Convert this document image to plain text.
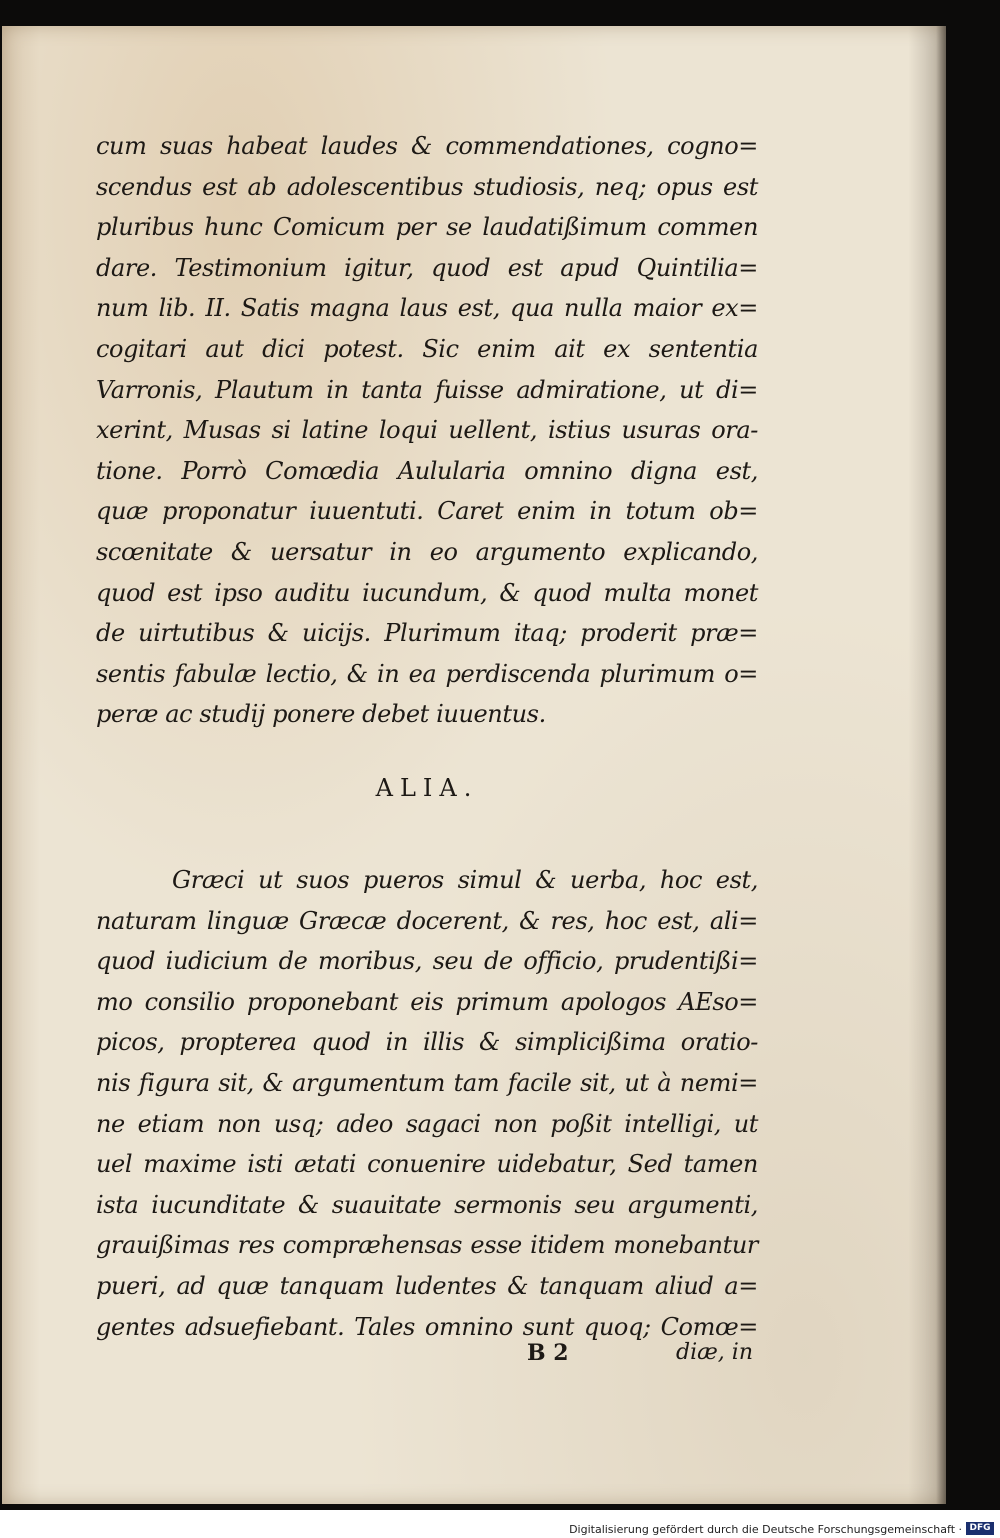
cum suas habeat laudes & commendationes, cogno=
scendus est ab adolescentibus studiosis, neq; opus est
pluribus hunc Comicum per se laudatißimum commen
dare. Testimonium igitur, quod est apud Quintilia=
num lib. II. Satis magna laus est, qua nulla maior ex=
cogitari aut dici potest. Sic enim ait ex sententia
Varronis, Plautum in tanta fuisse admiratione, ut di=
xerint, Musas si latine loqui uellent, istius usuras ora-
tione. Porrò Comœdia Aulularia omnino digna est,
quæ proponatur iuuentuti. Caret enim in totum ob=
scœnitate & uersatur in eo argumento explicando,
quod est ipso auditu iucundum, & quod multa monet
de uirtutibus & uicijs. Plurimum itaq; proderit præ=
sentis fabulæ lectio, & in ea perdiscenda plurimum o=
peræ ac studij ponere debet iuuentus.
ALIA.
Græci ut suos pueros simul & uerba, hoc est,
naturam linguæ Græcæ docerent, & res, hoc est, ali=
quod iudicium de moribus, seu de officio, prudentißi=
mo consilio proponebant eis primum apologos AEso=
picos, propterea quod in illis & simplicißima oratio-
nis figura sit, & argumentum tam facile sit, ut à nemi=
ne etiam non usq; adeo sagaci non poßit intelligi, ut
uel maxime isti ætati conuenire uidebatur, Sed tamen
ista iucunditate & suauitate sermonis seu argumenti,
grauißimas res compræhensas esse itidem monebantur
pueri, ad quæ tanquam ludentes & tanquam aliud a=
gentes adsuefiebant. Tales omnino sunt quoq; Comœ=
B 2	diæ, in
Digitalisierung gefördert durch die Deutsche Forschungsgemeinschaft · DFG
